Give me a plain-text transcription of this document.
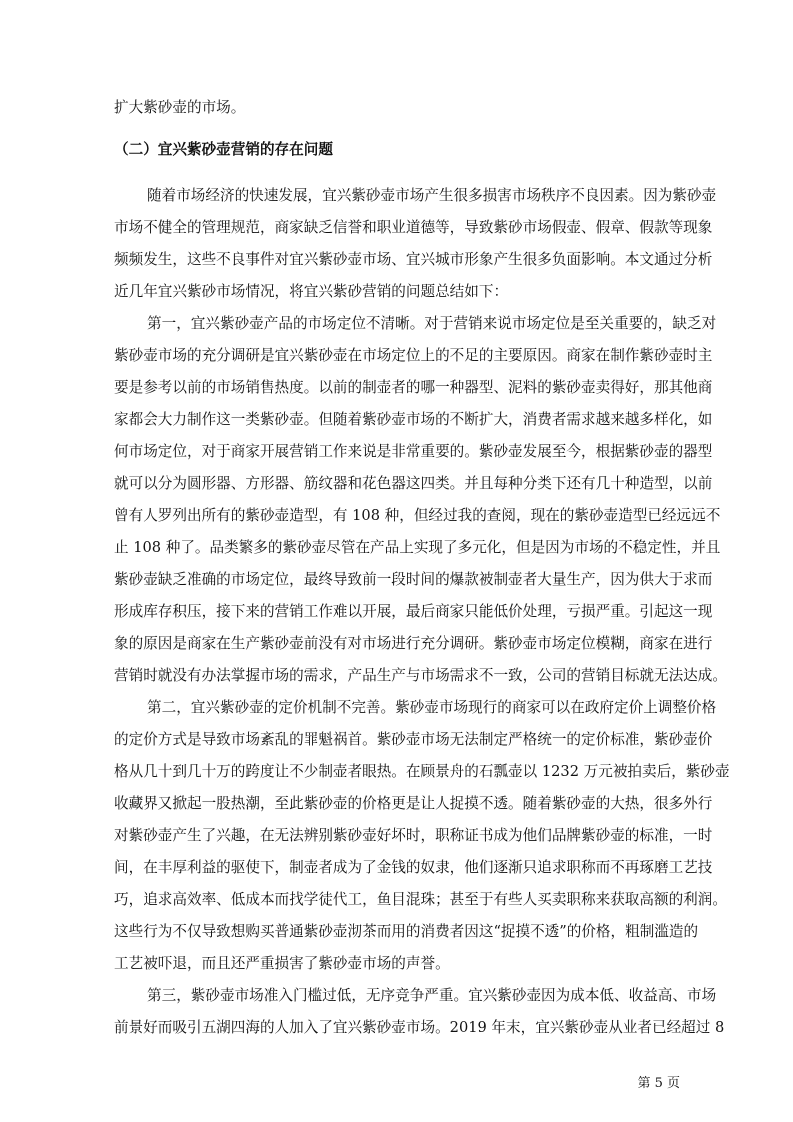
扩大紫砂壶的市场。
（二）宜兴紫砂壶营销的存在问题
随着市场经济的快速发展，宜兴紫砂壶市场产生很多损害市场秩序不良因素。因为紫砂壶
市场不健全的管理规范，商家缺乏信誉和职业道德等，导致紫砂市场假壶、假章、假款等现象
频频发生，这些不良事件对宜兴紫砂壶市场、宜兴城市形象产生很多负面影响。本文通过分析
近几年宜兴紫砂市场情况，将宜兴紫砂营销的问题总结如下：
第一，宜兴紫砂壶产品的市场定位不清晰。对于营销来说市场定位是至关重要的，缺乏对
紫砂壶市场的充分调研是宜兴紫砂壶在市场定位上的不足的主要原因。商家在制作紫砂壶时主
要是参考以前的市场销售热度。以前的制壶者的哪一种器型、泥料的紫砂壶卖得好，那其他商
家都会大力制作这一类紫砂壶。但随着紫砂壶市场的不断扩大，消费者需求越来越多样化，如
何市场定位，对于商家开展营销工作来说是非常重要的。紫砂壶发展至今，根据紫砂壶的器型
就可以分为圆形器、方形器、筋纹器和花色器这四类。并且每种分类下还有几十种造型，以前
曾有人罗列出所有的紫砂壶造型，有 108 种，但经过我的查阅，现在的紫砂壶造型已经远远不
止 108 种了。品类繁多的紫砂壶尽管在产品上实现了多元化，但是因为市场的不稳定性，并且
紫砂壶缺乏准确的市场定位，最终导致前一段时间的爆款被制壶者大量生产，因为供大于求而
形成库存积压，接下来的营销工作难以开展，最后商家只能低价处理，亏损严重。引起这一现
象的原因是商家在生产紫砂壶前没有对市场进行充分调研。紫砂壶市场定位模糊，商家在进行
营销时就没有办法掌握市场的需求，产品生产与市场需求不一致，公司的营销目标就无法达成。
第二，宜兴紫砂壶的定价机制不完善。紫砂壶市场现行的商家可以在政府定价上调整价格
的定价方式是导致市场紊乱的罪魁祸首。紫砂壶市场无法制定严格统一的定价标准，紫砂壶价
格从几十到几十万的跨度让不少制壶者眼热。在顾景舟的石瓢壶以 1232 万元被拍卖后，紫砂壶
收藏界又掀起一股热潮，至此紫砂壶的价格更是让人捉摸不透。随着紫砂壶的大热，很多外行
对紫砂壶产生了兴趣，在无法辨别紫砂壶好坏时，职称证书成为他们品牌紫砂壶的标准，一时
间，在丰厚利益的驱使下，制壶者成为了金钱的奴隶，他们逐渐只追求职称而不再琢磨工艺技
巧，追求高效率、低成本而找学徒代工，鱼目混珠；甚至于有些人买卖职称来获取高额的利润。
这些行为不仅导致想购买普通紫砂壶沏茶而用的消费者因这“捉摸不透”的价格，粗制滥造的
工艺被吓退，而且还严重损害了紫砂壶市场的声誉。
第三，紫砂壶市场准入门槛过低，无序竞争严重。宜兴紫砂壶因为成本低、收益高、市场
前景好而吸引五湖四海的人加入了宜兴紫砂壶市场。2019 年末，宜兴紫砂壶从业者已经超过 8
第 5 页
